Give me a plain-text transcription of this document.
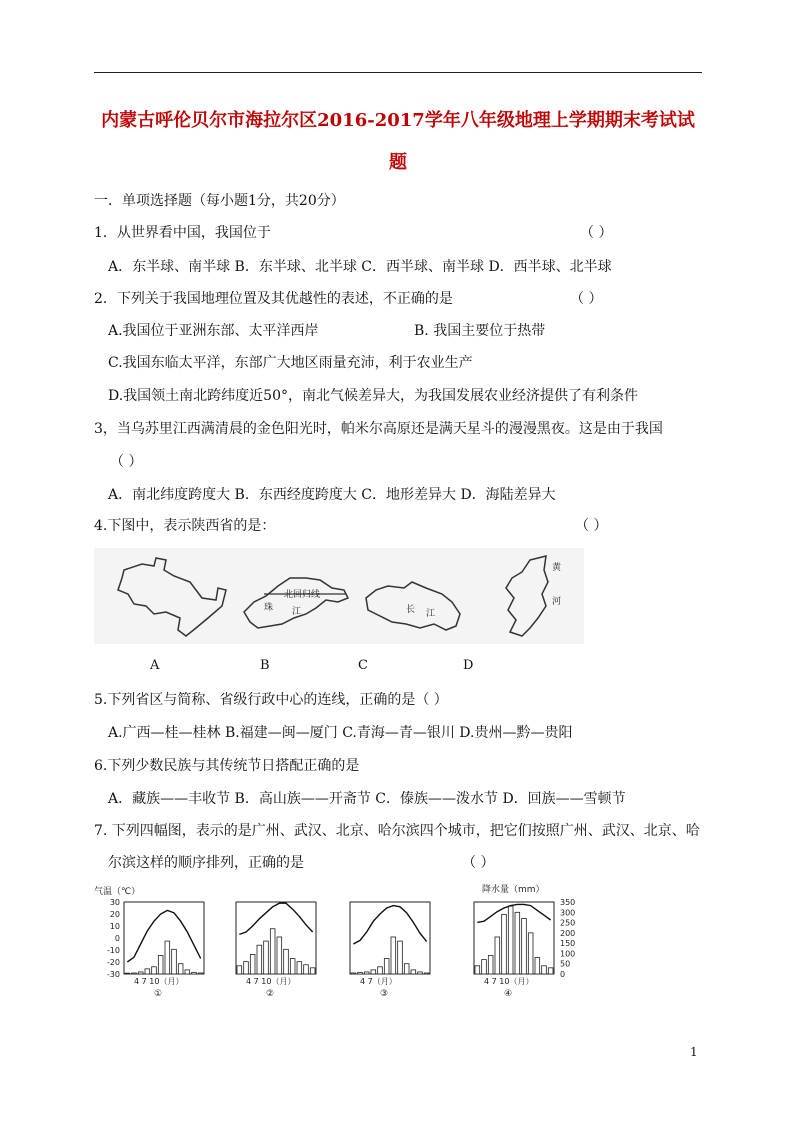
内蒙古呼伦贝尔市海拉尔区2016-2017学年八年级地理上学期期末考试试
题
一．单项选择题（每小题1分，共20分）
1．从世界看中国，我国位于	（ ）
A．东半球、南半球 B．东半球、北半球 C．西半球、南半球 D．西半球、北半球
2．下列关于我国地理位置及其优越性的表述，不正确的是	（ ）
A.我国位于亚洲东部、太平洋西岸	B. 我国主要位于热带
C.我国东临太平洋，东部广大地区雨量充沛，利于农业生产
D.我国领土南北跨纬度近50°，南北气候差异大，为我国发展农业经济提供了有利条件
3，当乌苏里江西满清晨的金色阳光时，帕米尔高原还是满天星斗的漫漫黑夜。这是由于我国
（ ）
A．南北纬度跨度大 B．东西经度跨度大 C．地形差异大 D．海陆差异大
4.下图中，表示陕西省的是：	（ ）
北回归线
珠 江	长 江
黄
河
A	B	C	D
5.下列省区与简称、省级行政中心的连线，正确的是（ ）
A.广西—桂—桂林 B.福建—闽—厦门 C.青海—青—银川 D.贵州—黔—贵阳
6.下列少数民族与其传统节日搭配正确的是
A．藏族——丰收节 B．高山族——开斋节 C．傣族——泼水节 D．回族——雪顿节
7. 下列四幅图，表示的是广州、武汉、北京、哈尔滨四个城市，把它们按照广州、武汉、北京、哈
尔滨这样的顺序排列，正确的是	（ ）
气温（℃）	降水量（mm）
30
20
10
0
-10
-20
-30
350
300
250
200
150
100
50
0
4 7 10（月）
①
4 7 10（月）
②
4 7（月）
③
4 7 10（月）
④
1
